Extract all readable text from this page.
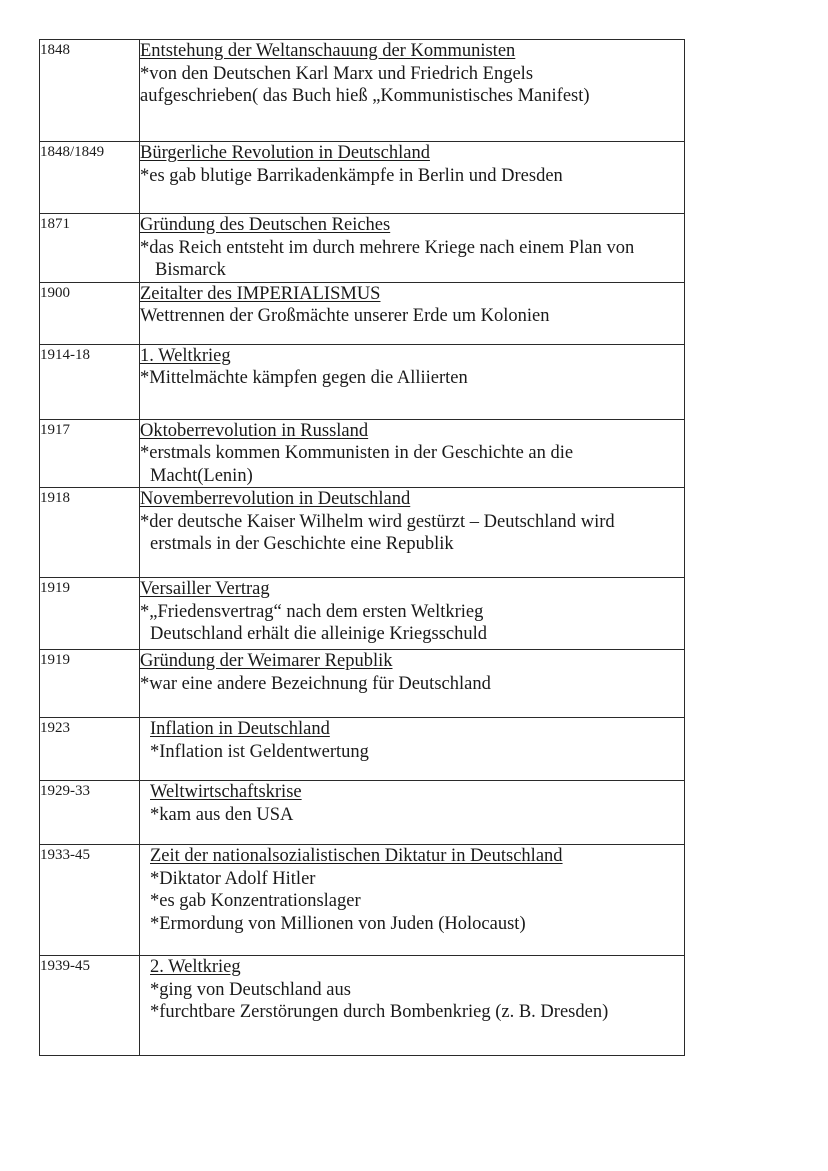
1848	Entstehung der Weltanschauung der Kommunisten
*von den Deutschen Karl Marx und Friedrich Engels
aufgeschrieben( das Buch hieß „Kommunistisches Manifest)

1848/1849	Bürgerliche Revolution in Deutschland
*es gab blutige Barrikadenkämpfe in Berlin und Dresden

1871	Gründung des Deutschen Reiches
*das Reich entsteht im durch mehrere Kriege nach einem Plan von
Bismarck

1900	Zeitalter des IMPERIALISMUS
Wettrennen der Großmächte unserer Erde um Kolonien

1914-18	1. Weltkrieg
*Mittelmächte kämpfen gegen die Alliierten

1917	Oktoberrevolution in Russland
*erstmals kommen Kommunisten in der Geschichte an die
Macht(Lenin)

1918	Novemberrevolution in Deutschland
*der deutsche Kaiser Wilhelm wird gestürzt – Deutschland wird
erstmals in der Geschichte eine Republik

1919	Versailler Vertrag
*„Friedensvertrag“ nach dem ersten Weltkrieg
Deutschland erhält die alleinige Kriegsschuld

1919	Gründung der Weimarer Republik
*war eine andere Bezeichnung für Deutschland

1923	Inflation in Deutschland
*Inflation ist Geldentwertung

1929-33	Weltwirtschaftskrise
*kam aus den USA

1933-45	Zeit der nationalsozialistischen Diktatur in Deutschland
*Diktator Adolf Hitler
*es gab Konzentrationslager
*Ermordung von Millionen von Juden (Holocaust)

1939-45	2. Weltkrieg
*ging von Deutschland aus
*furchtbare Zerstörungen durch Bombenkrieg (z. B. Dresden)
